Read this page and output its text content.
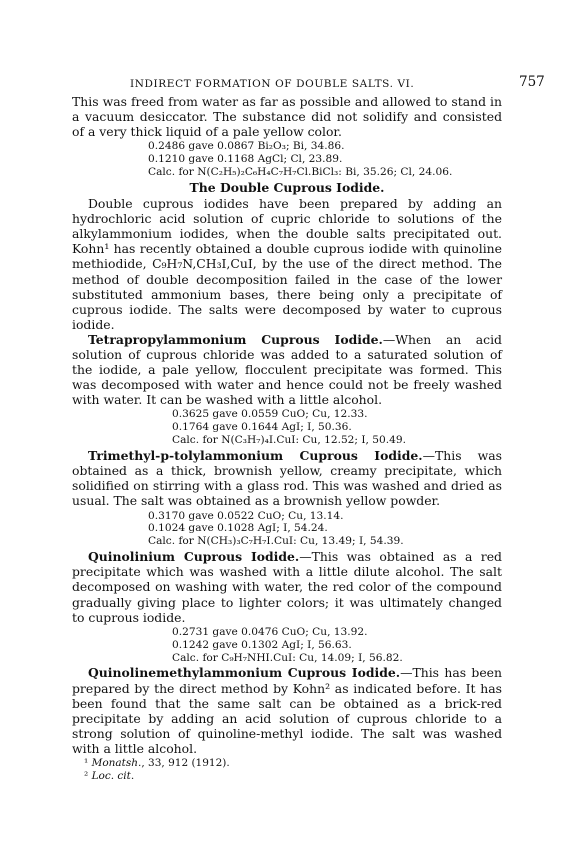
INDIRECT FORMATION OF DOUBLE SALTS. VI.	757

This was freed from water as far as possible and allowed to stand in a vacuum desiccator. The substance did not solidify and consisted of a very thick liquid of a pale yellow color.

0.2486 gave 0.0867 Bi₂O₃; Bi, 34.86.
0.1210 gave 0.1168 AgCl; Cl, 23.89.
Calc. for N(C₂H₅)₂C₆H₄C₇H₇Cl.BiCl₃: Bi, 35.26; Cl, 24.06.
The Double Cuprous Iodide.

Double cuprous iodides have been prepared by adding an hydrochloric acid solution of cupric chloride to solutions of the alkylammonium iodides, when the double salts precipitated out. Kohn¹ has recently obtained a double cuprous iodide with quinoline methiodide, C₉H₇N,CH₃I,CuI, by the use of the direct method. The method of double decomposition failed in the case of the lower substituted ammonium bases, there being only a precipitate of cuprous iodide. The salts were decomposed by water to cuprous iodide.

Tetrapropylammonium Cuprous Iodide.—When an acid solution of cuprous chloride was added to a saturated solution of the iodide, a pale yellow, flocculent precipitate was formed. This was decomposed with water and hence could not be freely washed with water. It can be washed with a little alcohol.

0.3625 gave 0.0559 CuO; Cu, 12.33.
0.1764 gave 0.1644 AgI; I, 50.36.
Calc. for N(C₃H₇)₄I.CuI: Cu, 12.52; I, 50.49.

Trimethyl-p-tolylammonium Cuprous Iodide.—This was obtained as a thick, brownish yellow, creamy precipitate, which solidified on stirring with a glass rod. This was washed and dried as usual. The salt was obtained as a brownish yellow powder.

0.3170 gave 0.0522 CuO; Cu, 13.14.
0.1024 gave 0.1028 AgI; I, 54.24.
Calc. for N(CH₃)₃C₇H₇I.CuI: Cu, 13.49; I, 54.39.

Quinolinium Cuprous Iodide.—This was obtained as a red precipitate which was washed with a little dilute alcohol. The salt decomposed on washing with water, the red color of the compound gradually giving place to lighter colors; it was ultimately changed to cuprous iodide.

0.2731 gave 0.0476 CuO; Cu, 13.92.
0.1242 gave 0.1302 AgI; I, 56.63.
Calc. for C₉H₇NHI.CuI: Cu, 14.09; I, 56.82.

Quinolinemethylammonium Cuprous Iodide.—This has been prepared by the direct method by Kohn² as indicated before. It has been found that the same salt can be obtained as a brick-red precipitate by adding an acid solution of cuprous chloride to a strong solution of quinoline-methyl iodide. The salt was washed with a little alcohol.

¹ Monatsh., 33, 912 (1912).
² Loc. cit.
